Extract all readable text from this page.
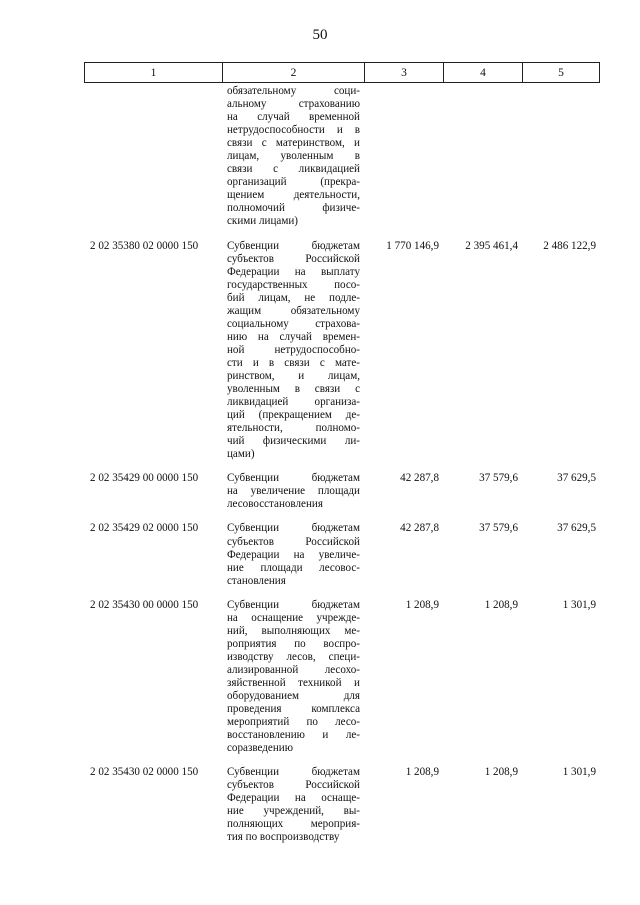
50
1	2	3	4	5
обязательному соци-
альному страхованию
на случай временной
нетрудоспособности и в
связи с материнством, и
лицам, уволенным в
связи с ликвидацией
организаций (прекра-
щением деятельности,
полномочий физиче-
скими лицами)
2 02 35380 02 0000 150	Субвенции бюджетам
субъектов Российской
Федерации на выплату
государственных посо-
бий лицам, не подле-
жащим обязательному
социальному страхова-
нию на случай времен-
ной нетрудоспособно-
сти и в связи с мате-
ринством, и лицам,
уволенным в связи с
ликвидацией организа-
ций (прекращением де-
ятельности, полномо-
чий физическими ли-
цами)
1 770 146,9	2 395 461,4	2 486 122,9
2 02 35429 00 0000 150	Субвенции бюджетам
на увеличение площади
лесовосстановления
42 287,8	37 579,6	37 629,5
2 02 35429 02 0000 150	Субвенции бюджетам
субъектов Российской
Федерации на увеличе-
ние площади лесовос-
становления
42 287,8	37 579,6	37 629,5
2 02 35430 00 0000 150	Субвенции бюджетам
на оснащение учрежде-
ний, выполняющих ме-
роприятия по воспро-
изводству лесов, специ-
ализированной лесохо-
зяйственной техникой и
оборудованием для
проведения комплекса
мероприятий по лесо-
восстановлению и ле-
соразведению
1 208,9	1 208,9	1 301,9
2 02 35430 02 0000 150	Субвенции бюджетам
субъектов Российской
Федерации на оснаще-
ние учреждений, вы-
полняющих мероприя-
тия по воспроизводству
1 208,9	1 208,9	1 301,9
